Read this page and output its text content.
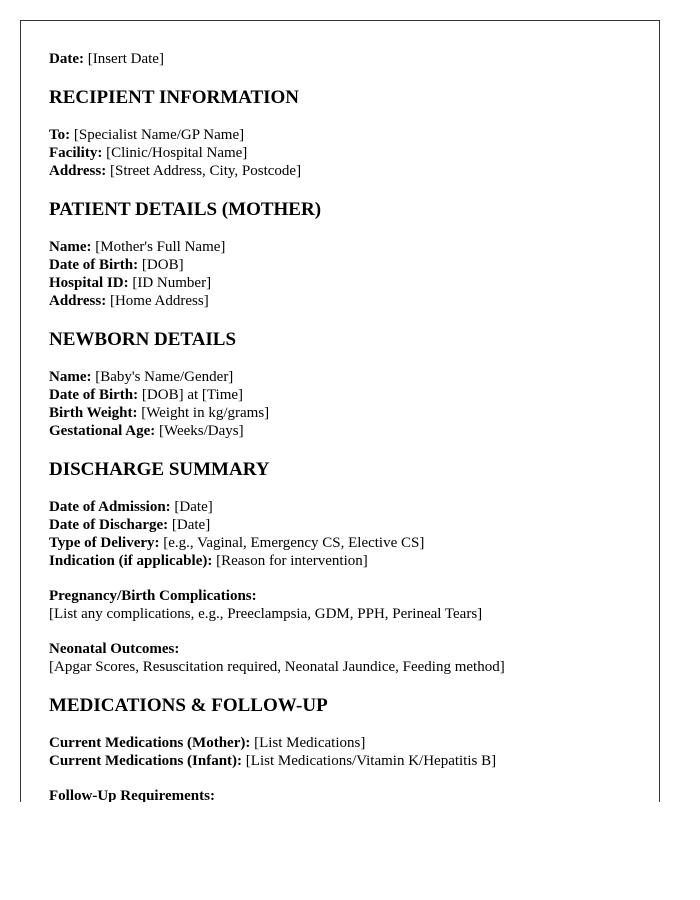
Date: [Insert Date]

RECIPIENT INFORMATION

To: [Specialist Name/GP Name]

Facility: [Clinic/Hospital Name]

Address: [Street Address, City, Postcode]

PATIENT DETAILS (MOTHER)

Name: [Mother's Full Name]

Date of Birth: [DOB]

Hospital ID: [ID Number]

Address: [Home Address]

NEWBORN DETAILS

Name: [Baby's Name/Gender]

Date of Birth: [DOB] at [Time]

Birth Weight: [Weight in kg/grams]

Gestational Age: [Weeks/Days]

DISCHARGE SUMMARY

Date of Admission: [Date]

Date of Discharge: [Date]

Type of Delivery: [e.g., Vaginal, Emergency CS, Elective CS]

Indication (if applicable): [Reason for intervention]

Pregnancy/Birth Complications:

[List any complications, e.g., Preeclampsia, GDM, PPH, Perineal Tears]

Neonatal Outcomes:

[Apgar Scores, Resuscitation required, Neonatal Jaundice, Feeding method]

MEDICATIONS & FOLLOW-UP

Current Medications (Mother): [List Medications]

Current Medications (Infant): [List Medications/Vitamin K/Hepatitis B]

Follow-Up Requirements:
